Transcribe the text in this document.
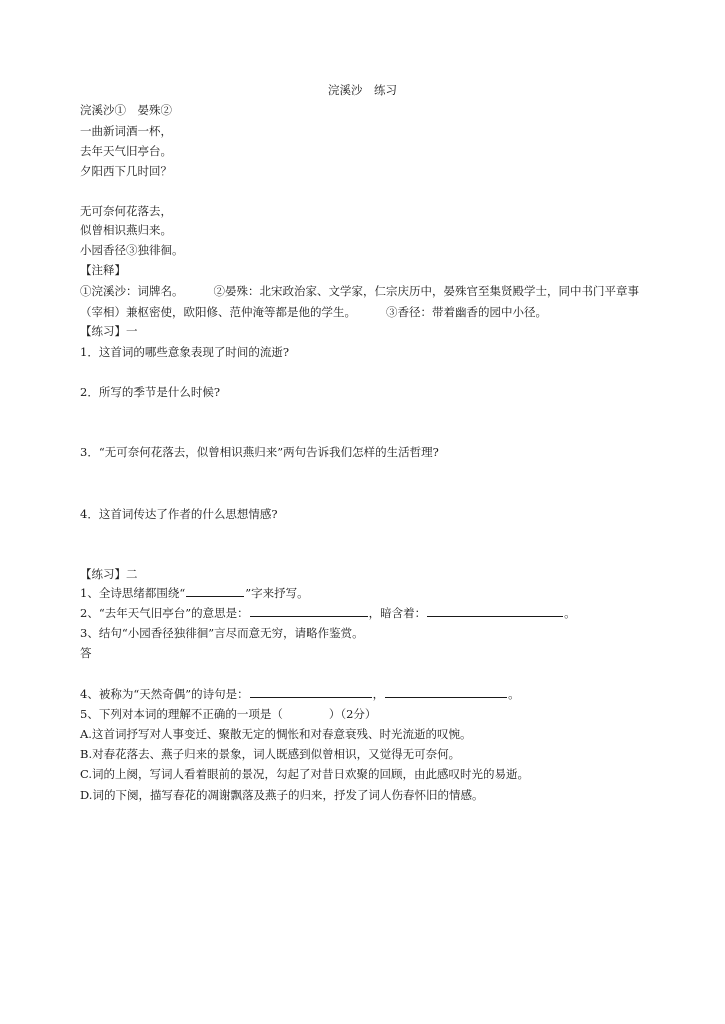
浣溪沙　练习
浣溪沙①　晏殊②
一曲新词酒一杯，
去年天气旧亭台。
夕阳西下几时回？
无可奈何花落去，
似曾相识燕归来。
小园香径③独徘徊。
【注释】
①浣溪沙：词牌名。	②晏殊：北宋政治家、文学家，仁宗庆历中，晏殊官至集贤殿学士，同中书门平章事
（宰相）兼枢密使，欧阳修、范仲淹等都是他的学生。	③香径：带着幽香的园中小径。
【练习】一
1．这首词的哪些意象表现了时间的流逝?
2．所写的季节是什么时候?
3．“无可奈何花落去，似曾相识燕归来”两句告诉我们怎样的生活哲理?
4．这首词传达了作者的什么思想情感?
【练习】二
1、全诗思绪都围绕“	”字来抒写。
2、“去年天气旧亭台”的意思是：	，暗含着：	。
3、结句“小园香径独徘徊”言尽而意无穷，请略作鉴赏。
答
4、被称为“天然奇偶”的诗句是：	，	。
5、下列对本词的理解不正确的一项是（　　　　）（2分）
A.这首词抒写对人事变迁、聚散无定的惆怅和对春意衰残、时光流逝的叹惋。
B.对春花落去、燕子归来的景象，词人既感到似曾相识，又觉得无可奈何。
C.词的上阕，写词人看着眼前的景况，勾起了对昔日欢聚的回顾，由此感叹时光的易逝。
D.词的下阕，描写春花的凋谢飘落及燕子的归来，抒发了词人伤春怀旧的情感。
